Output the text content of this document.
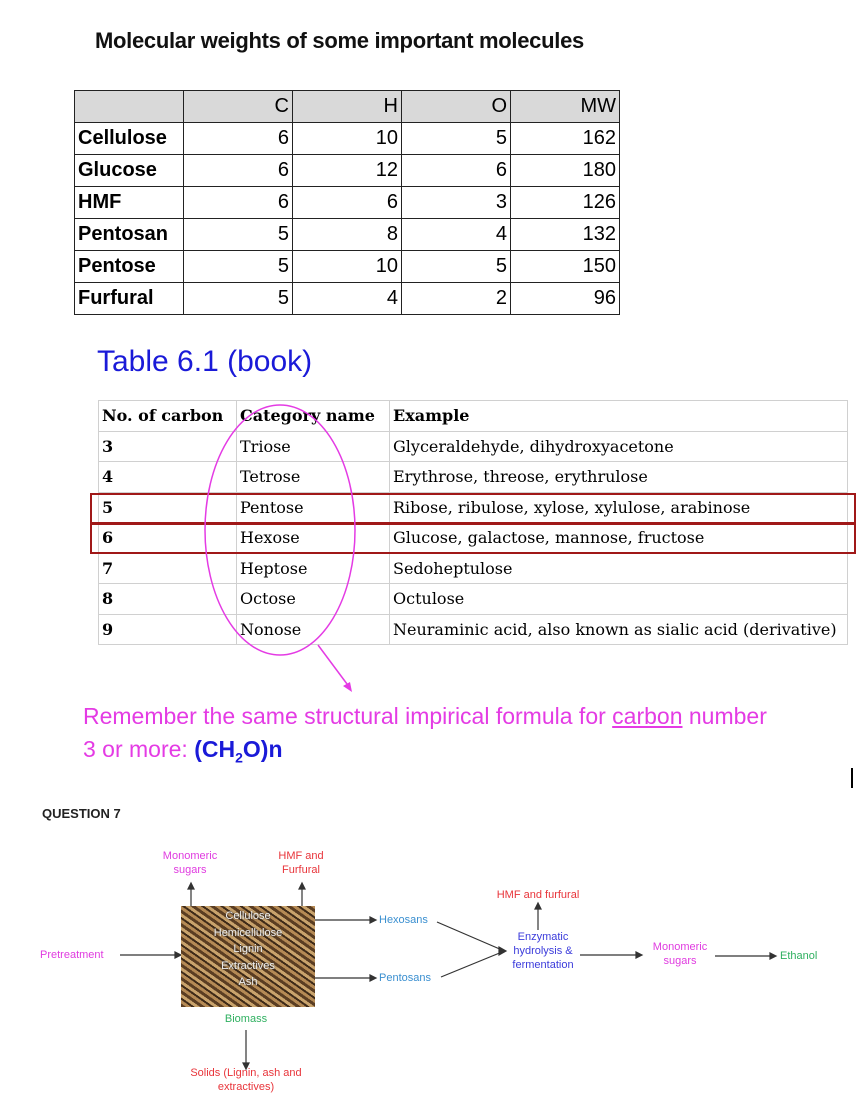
Molecular weights of some important molecules
	C	H	O	MW
Cellulose	6	10	5	162
Glucose	6	12	6	180
HMF	6	6	3	126
Pentosan	5	8	4	132
Pentose	5	10	5	150
Furfural	5	4	2	96
Table 6.1 (book)
No. of carbon	Category name	Example
3	Triose	Glyceraldehyde, dihydroxyacetone
4	Tetrose	Erythrose, threose, erythrulose
5	Pentose	Ribose, ribulose, xylose, xylulose, arabinose
6	Hexose	Glucose, galactose, mannose, fructose
7	Heptose	Sedoheptulose
8	Octose	Octulose
9	Nonose	Neuraminic acid, also known as sialic acid (derivative)
Remember the same structural impirical formula for carbon number 3 or more: $(CH_2O)n$
QUESTION 7
Pretreatment
Monomeric
sugars
HMF and
Furfural
Cellulose
Hemicellulose
Lignin
Extractives
Ash
Biomass
Solids (Lignin, ash and
extractives)
Hexosans
Pentosans
HMF and furfural
Enzymatic
hydrolysis &
fermentation
Monomeric
sugars	Ethanol
